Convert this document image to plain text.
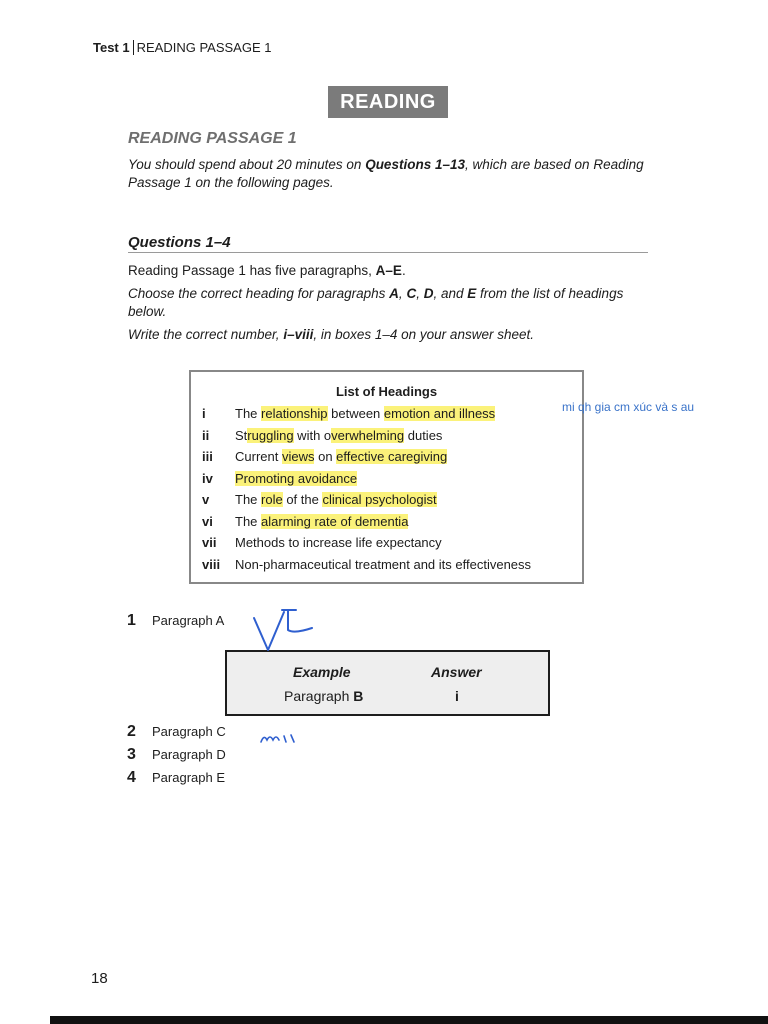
Test 1 READING PASSAGE 1
READING
READING PASSAGE 1
You should spend about 20 minutes on Questions 1–13, which are based on Reading Passage 1 on the following pages.
Questions 1–4
Reading Passage 1 has five paragraphs, A–E.
Choose the correct heading for paragraphs A, C, D, and E from the list of headings below.
Write the correct number, i–viii, in boxes 1–4 on your answer sheet.
List of Headings
i The relationship between emotion and illness
ii Struggling with overwhelming duties
iii Current views on effective caregiving
iv Promoting avoidance
v The role of the clinical psychologist
vi The alarming rate of dementia
vii Methods to increase life expectancy
viii Non-pharmaceutical treatment and its effectiveness
mi qh gia cm xúc và s au
1 Paragraph A
Example	Answer
Paragraph B	i
2 Paragraph C
3 Paragraph D
4 Paragraph E
18
